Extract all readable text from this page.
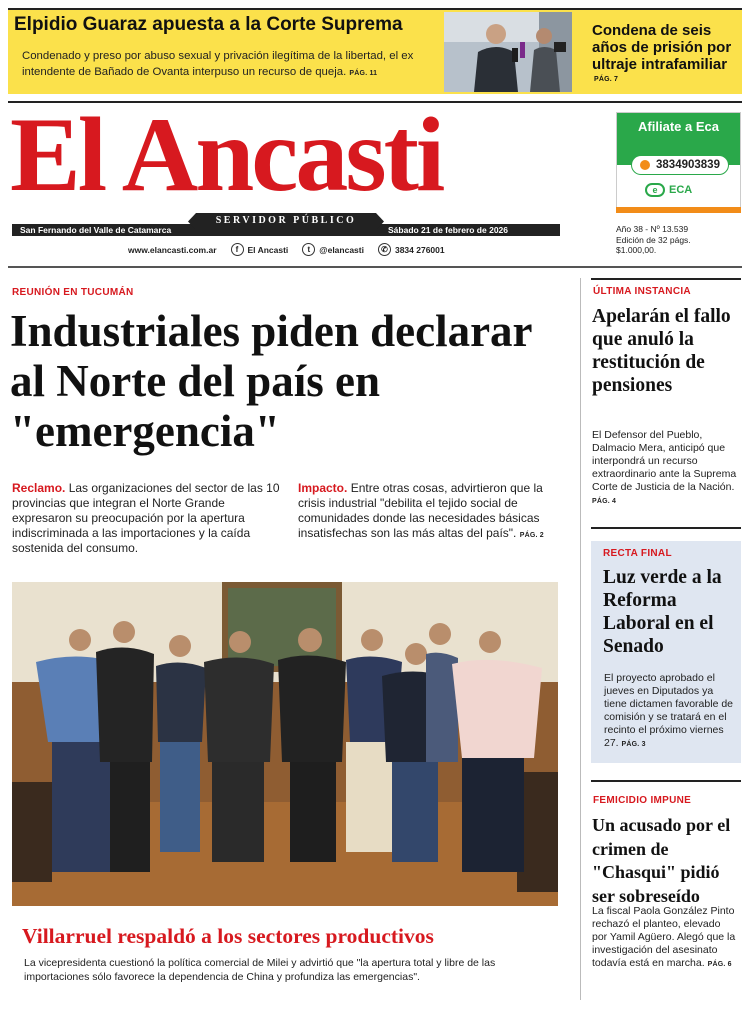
Elpidio Guaraz apuesta a la Corte Suprema
Condenado y preso por abuso sexual y privación ilegítima de la libertad, el ex intendente de Bañado de Ovanta interpuso un recurso de queja. PÁG. 11
Condena de seis años de prisión por ultraje intrafamiliar
PÁG. 7
El Ancasti
San Fernando del Valle de Catamarca	Sábado 21 de febrero de 2026
SERVIDOR PÚBLICO
www.elancasti.com.ar	f	El Ancasti	t	@elancasti	✆ 3834 276001
Afiliate a Eca
3834903839
e	ECA
Año 38 - Nº 13.539
Edición de 32 págs.
$1.000,00.
REUNIÓN EN TUCUMÁN
Industriales piden declarar al Norte del país en "emergencia"
Reclamo. Las organizaciones del sector de las 10 provincias que integran el Norte Grande expresaron su preocupación por la apertura indiscriminada a las importaciones y la caída sostenida del consumo.
Impacto. Entre otras cosas, advirtieron que la crisis industrial "debilita el tejido social de comunidades donde las necesidades básicas insatisfechas son las más altas del país". PÁG. 2
Villarruel respaldó a los sectores productivos
La vicepresidenta cuestionó la política comercial de Milei y advirtió que "la apertura total y libre de las importaciones sólo favorece la dependencia de China y profundiza las emergencias".
ÚLTIMA INSTANCIA
Apelarán el fallo que anuló la restitución de pensiones
El Defensor del Pueblo, Dalmacio Mera, anticipó que interpondrá un recurso extraordinario ante la Suprema Corte de Justicia de la Nación. PÁG. 4
RECTA FINAL
Luz verde a la Reforma Laboral en el Senado
El proyecto aprobado el jueves en Diputados ya tiene dictamen favorable de comisión y se tratará en el recinto el próximo viernes 27. PÁG. 3
FEMICIDIO IMPUNE
Un acusado por el crimen de "Chasqui" pidió ser sobreseído
La fiscal Paola González Pinto rechazó el planteo, elevado por Yamil Agüero. Alegó que la investigación del asesinato todavía está en marcha. PÁG. 6
